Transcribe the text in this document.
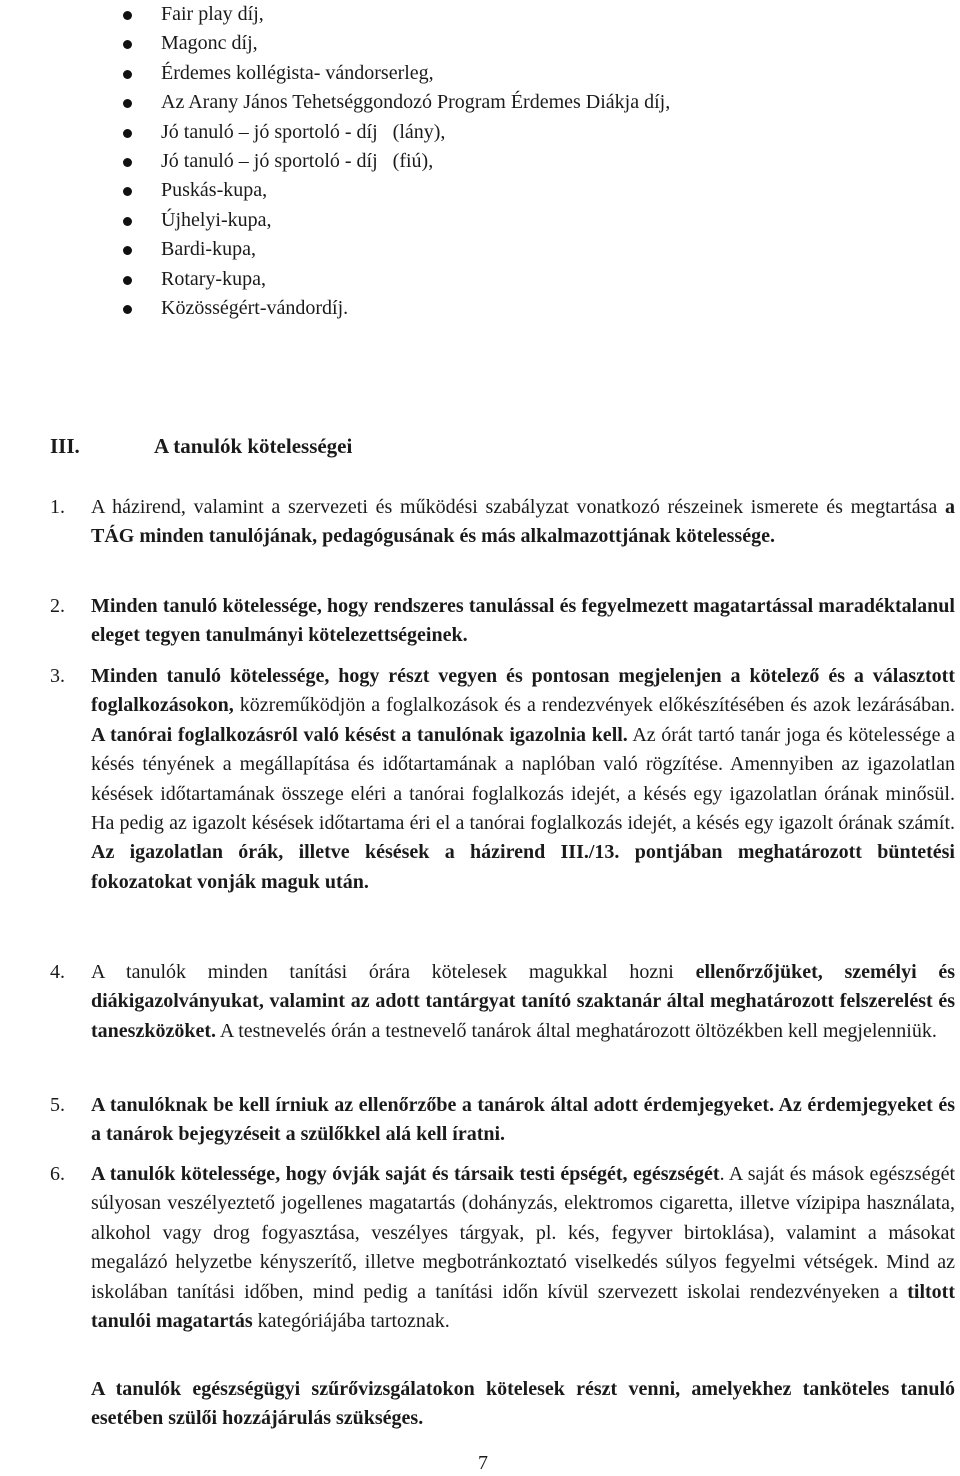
Fair play díj,
Magonc díj,
Érdemes kollégista- vándorserleg,
Az Arany János Tehetséggondozó Program Érdemes Diákja díj,
Jó tanuló – jó sportoló - díj   (lány),
Jó tanuló – jó sportoló - díj   (fiú),
Puskás-kupa,
Újhelyi-kupa,
Bardi-kupa,
Rotary-kupa,
Közösségért-vándordíj.
III.	A tanulók kötelességei
1. A házirend, valamint a szervezeti és működési szabályzat vonatkozó részeinek ismerete és megtartása a TÁG minden tanulójának, pedagógusának és más alkalmazottjának kötelessége.
2. Minden tanuló kötelessége, hogy rendszeres tanulással és fegyelmezett magatartással maradéktalanul eleget tegyen tanulmányi kötelezettségeinek.
3. Minden tanuló kötelessége, hogy részt vegyen és pontosan megjelenjen a kötelező és a választott foglalkozásokon, közreműködjön a foglalkozások és a rendezvények előkészítésében és azok lezárásában. A tanórai foglalkozásról való késést a tanulónak igazolnia kell. Az órát tartó tanár joga és kötelessége a késés tényének a megállapítása és időtartamának a naplóban való rögzítése. Amennyiben az igazolatlan késések időtartamának összege eléri a tanórai foglalkozás idejét, a késés egy igazolatlan órának minősül. Ha pedig az igazolt késések időtartama éri el a tanórai foglalkozás idejét, a késés egy igazolt órának számít. Az igazolatlan órák, illetve késések a házirend III./13. pontjában meghatározott büntetési fokozatokat vonják maguk után.
4. A tanulók minden tanítási órára kötelesek magukkal hozni ellenőrzőjüket, személyi és diákigazolványukat, valamint az adott tantárgyat tanító szaktanár által meghatározott felszerelést és taneszközöket. A testnevelés órán a testnevelő tanárok által meghatározott öltözékben kell megjelenniük.
5. A tanulóknak be kell írniuk az ellenőrzőbe a tanárok által adott érdemjegyeket. Az érdemjegyeket és a tanárok bejegyzéseit a szülőkkel alá kell íratni.
6. A tanulók kötelessége, hogy óvják saját és társaik testi épségét, egészségét. A saját és mások egészségét súlyosan veszélyeztető jogellenes magatartás (dohányzás, elektromos cigaretta, illetve vízipipa használata, alkohol vagy drog fogyasztása, veszélyes tárgyak, pl. kés, fegyver birtoklása), valamint a másokat megalázó helyzetbe kényszerítő, illetve megbotránkoztató viselkedés súlyos fegyelmi vétségek. Mind az iskolában tanítási időben, mind pedig a tanítási időn kívül szervezett iskolai rendezvényeken a tiltott tanulói magatartás kategóriájába tartoznak.
A tanulók egészségügyi szűrővizsgálatokon kötelesek részt venni, amelyekhez tanköteles tanuló esetében szülői hozzájárulás szükséges.
7
